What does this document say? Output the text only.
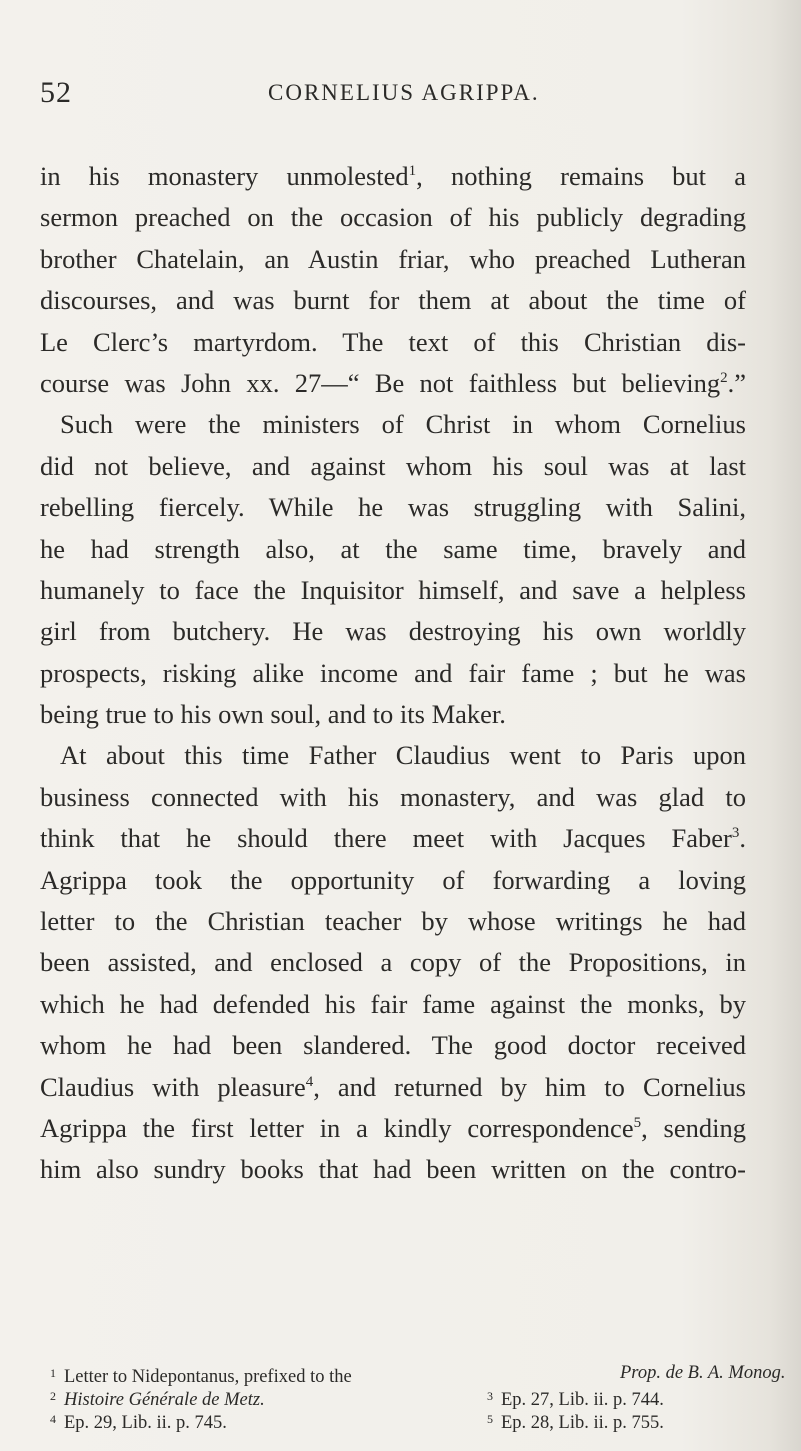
52	CORNELIUS AGRIPPA.
in his monastery unmolested$^1$, nothing remains but a
sermon preached on the occasion of his publicly degrading
brother Chatelain, an Austin friar, who preached Lutheran
discourses, and was burnt for them at about the time of
Le Clerc’s martyrdom. The text of this Christian dis-
course was John xx. 27—“ Be not faithless but believing$^2$.”
Such were the ministers of Christ in whom Cornelius
did not believe, and against whom his soul was at last
rebelling fiercely. While he was struggling with Salini,
he had strength also, at the same time, bravely and
humanely to face the Inquisitor himself, and save a helpless
girl from butchery. He was destroying his own worldly
prospects, risking alike income and fair fame ; but he was
being true to his own soul, and to its Maker.
At about this time Father Claudius went to Paris upon
business connected with his monastery, and was glad to
think that he should there meet with Jacques Faber$^3$.
Agrippa took the opportunity of forwarding a loving
letter to the Christian teacher by whose writings he had
been assisted, and enclosed a copy of the Propositions, in
which he had defended his fair fame against the monks, by
whom he had been slandered. The good doctor received
Claudius with pleasure$^4$, and returned by him to Cornelius
Agrippa the first letter in a kindly correspondence$^5$, sending
him also sundry books that had been written on the contro-
$^1$ Letter to Nidepontanus, prefixed to the	Prop. de B. A. Monog.
$^2$ Histoire Générale de Metz.	$^3$ Ep. 27, Lib. ii. p. 744.
$^4$ Ep. 29, Lib. ii. p. 745.	$^5$ Ep. 28, Lib. ii. p. 755.
